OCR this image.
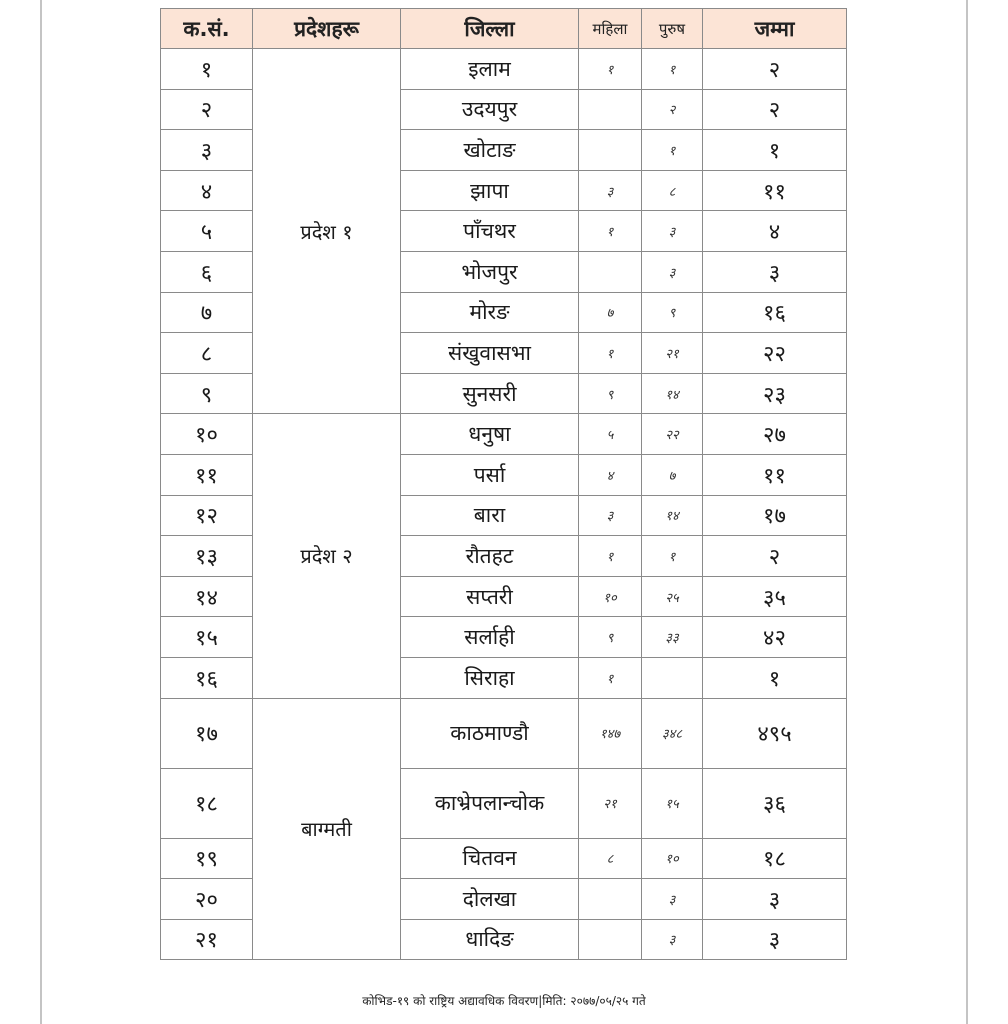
क.सं.	प्रदेशहरू	जिल्ला	महिला	पुरुष	जम्मा
१	प्रदेश १	इलाम	१	१	२
२		उदयपुर		२	२
३		खोटाङ		१	१
४		झापा	३	८	११
५		पाँचथर	१	३	४
६		भोजपुर		३	३
७		मोरङ	७	९	१६
८		संखुवासभा	१	२१	२२
९		सुनसरी	९	१४	२३
१०	प्रदेश २	धनुषा	५	२२	२७
११		पर्सा	४	७	११
१२		बारा	३	१४	१७
१३		रौतहट	१	१	२
१४		सप्तरी	१०	२५	३५
१५		सर्लाही	९	३३	४२
१६		सिराहा	१		१
१७	बाग्मती	काठमाण्डौ	१४७	३४८	४९५
१८		काभ्रेपलान्चोक	२१	१५	३६
१९		चितवन	८	१०	१८
२०		दोलखा		३	३
२१		धादिङ		३	३
कोभिड-१९ को राष्ट्रिय अद्यावधिक विवरण|मिति: २०७७/०५/२५ गते
